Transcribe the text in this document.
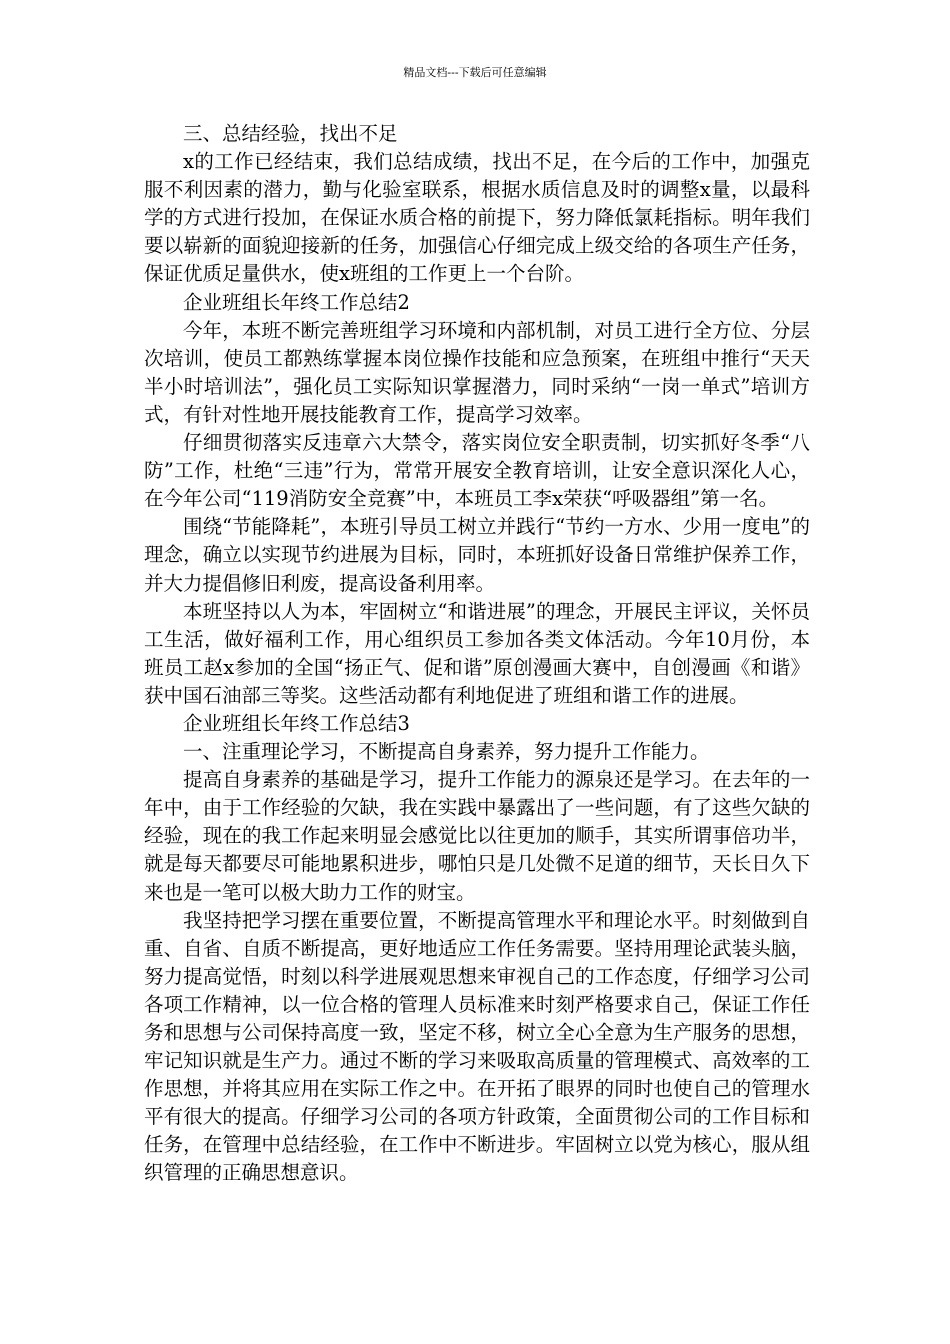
精品文档---下载后可任意编辑

三、总结经验，找出不足

x的工作已经结束，我们总结成绩，找出不足，在今后的工作中，加强克服不利因素的潜力，勤与化验室联系，根据水质信息及时的调整x量，以最科学的方式进行投加，在保证水质合格的前提下，努力降低氯耗指标。明年我们要以崭新的面貌迎接新的任务，加强信心仔细完成上级交给的各项生产任务，保证优质足量供水，使x班组的工作更上一个台阶。

企业班组长年终工作总结2

今年，本班不断完善班组学习环境和内部机制，对员工进行全方位、分层次培训，使员工都熟练掌握本岗位操作技能和应急预案，在班组中推行“天天半小时培训法”，强化员工实际知识掌握潜力，同时采纳“一岗一单式”培训方式，有针对性地开展技能教育工作，提高学习效率。

仔细贯彻落实反违章六大禁令，落实岗位安全职责制，切实抓好冬季“八防”工作，杜绝“三违”行为，常常开展安全教育培训，让安全意识深化人心，在今年公司“119消防安全竞赛”中，本班员工李x荣获“呼吸器组”第一名。

围绕“节能降耗”，本班引导员工树立并践行“节约一方水、少用一度电”的理念，确立以实现节约进展为目标，同时，本班抓好设备日常维护保养工作，并大力提倡修旧利废，提高设备利用率。

本班坚持以人为本，牢固树立“和谐进展”的理念，开展民主评议，关怀员工生活，做好福利工作，用心组织员工参加各类文体活动。今年10月份，本班员工赵x参加的全国“扬正气、促和谐”原创漫画大赛中，自创漫画《和谐》获中国石油部三等奖。这些活动都有利地促进了班组和谐工作的进展。

企业班组长年终工作总结3

一、注重理论学习，不断提高自身素养，努力提升工作能力。

提高自身素养的基础是学习，提升工作能力的源泉还是学习。在去年的一年中，由于工作经验的欠缺，我在实践中暴露出了一些问题，有了这些欠缺的经验，现在的我工作起来明显会感觉比以往更加的顺手，其实所谓事倍功半，就是每天都要尽可能地累积进步，哪怕只是几处微不足道的细节，天长日久下来也是一笔可以极大助力工作的财宝。

我坚持把学习摆在重要位置，不断提高管理水平和理论水平。时刻做到自重、自省、自质不断提高，更好地适应工作任务需要。坚持用理论武装头脑，努力提高觉悟，时刻以科学进展观思想来审视自己的工作态度，仔细学习公司各项工作精神，以一位合格的管理人员标准来时刻严格要求自己，保证工作任务和思想与公司保持高度一致，坚定不移，树立全心全意为生产服务的思想，牢记知识就是生产力。通过不断的学习来吸取高质量的管理模式、高效率的工作思想，并将其应用在实际工作之中。在开拓了眼界的同时也使自己的管理水平有很大的提高。仔细学习公司的各项方针政策，全面贯彻公司的工作目标和任务，在管理中总结经验，在工作中不断进步。牢固树立以党为核心，服从组织管理的正确思想意识。
